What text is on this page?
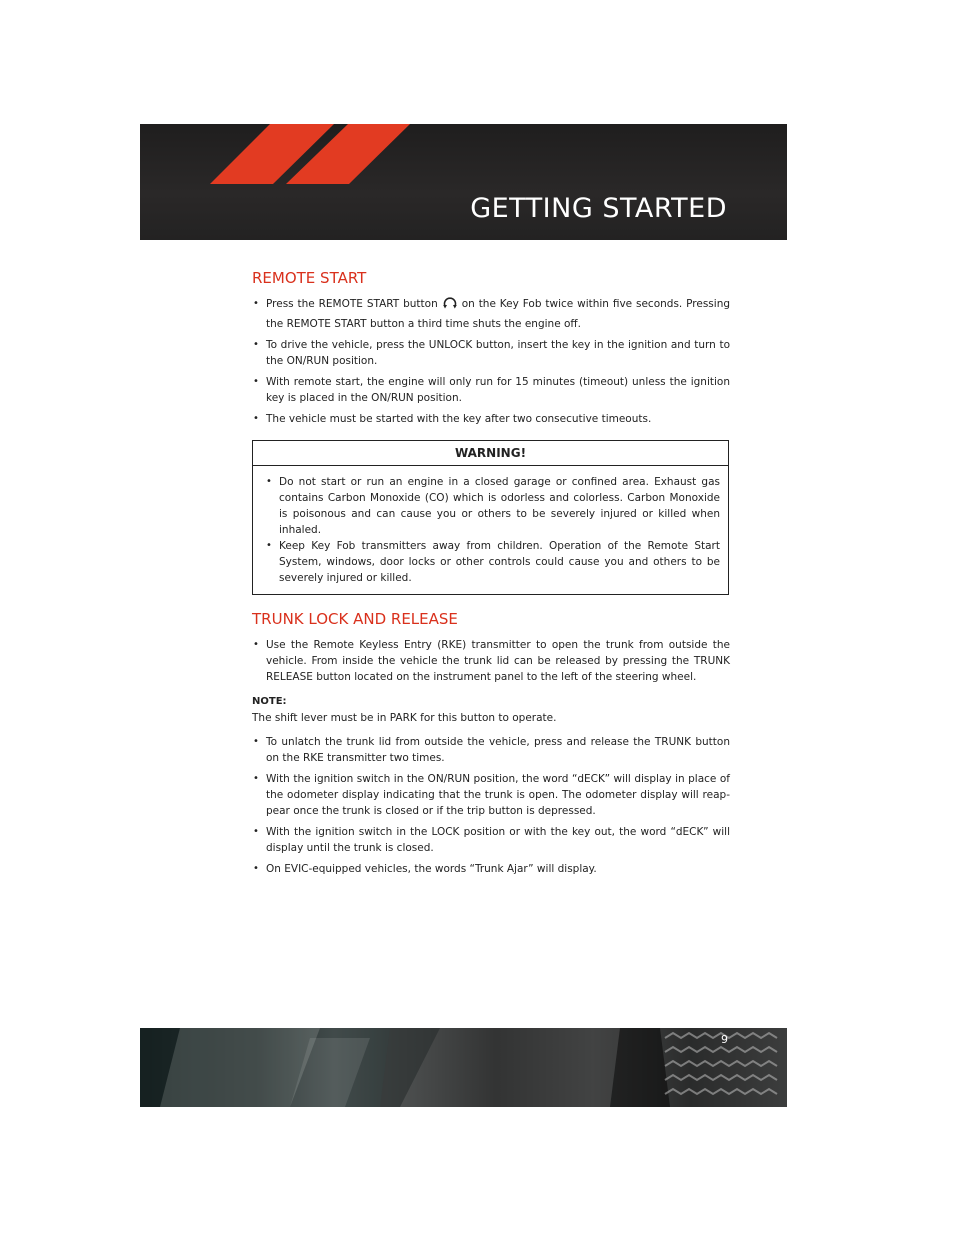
GETTING STARTED
REMOTE START
• Press the REMOTE START button on the Key Fob twice within five seconds. Pressing the REMOTE START button a third time shuts the engine off.
• To drive the vehicle, press the UNLOCK button, insert the key in the ignition and turn to the ON/RUN position.
• With remote start, the engine will only run for 15 minutes (timeout) unless the ignition key is placed in the ON/RUN position.
• The vehicle must be started with the key after two consecutive timeouts.
WARNING!
• Do not start or run an engine in a closed garage or confined area. Exhaust gas contains Carbon Monoxide (CO) which is odorless and colorless. Carbon Monoxide is poisonous and can cause you or others to be severely injured or killed when inhaled.
• Keep Key Fob transmitters away from children. Operation of the Remote Start System, windows, door locks or other controls could cause you and others to be severely injured or killed.
TRUNK LOCK AND RELEASE
• Use the Remote Keyless Entry (RKE) transmitter to open the trunk from outside the vehicle. From inside the vehicle the trunk lid can be released by pressing the TRUNK RELEASE button located on the instrument panel to the left of the steering wheel.

NOTE:

The shift lever must be in PARK for this button to operate.

• To unlatch the trunk lid from outside the vehicle, press and release the TRUNK button on the RKE transmitter two times.
• With the ignition switch in the ON/RUN position, the word “dECK” will display in place of the odometer display indicating that the trunk is open. The odometer display will reap-pear once the trunk is closed or if the trip button is depressed.
• With the ignition switch in the LOCK position or with the key out, the word “dECK” will display until the trunk is closed.
• On EVIC-equipped vehicles, the words “Trunk Ajar” will display.
9
